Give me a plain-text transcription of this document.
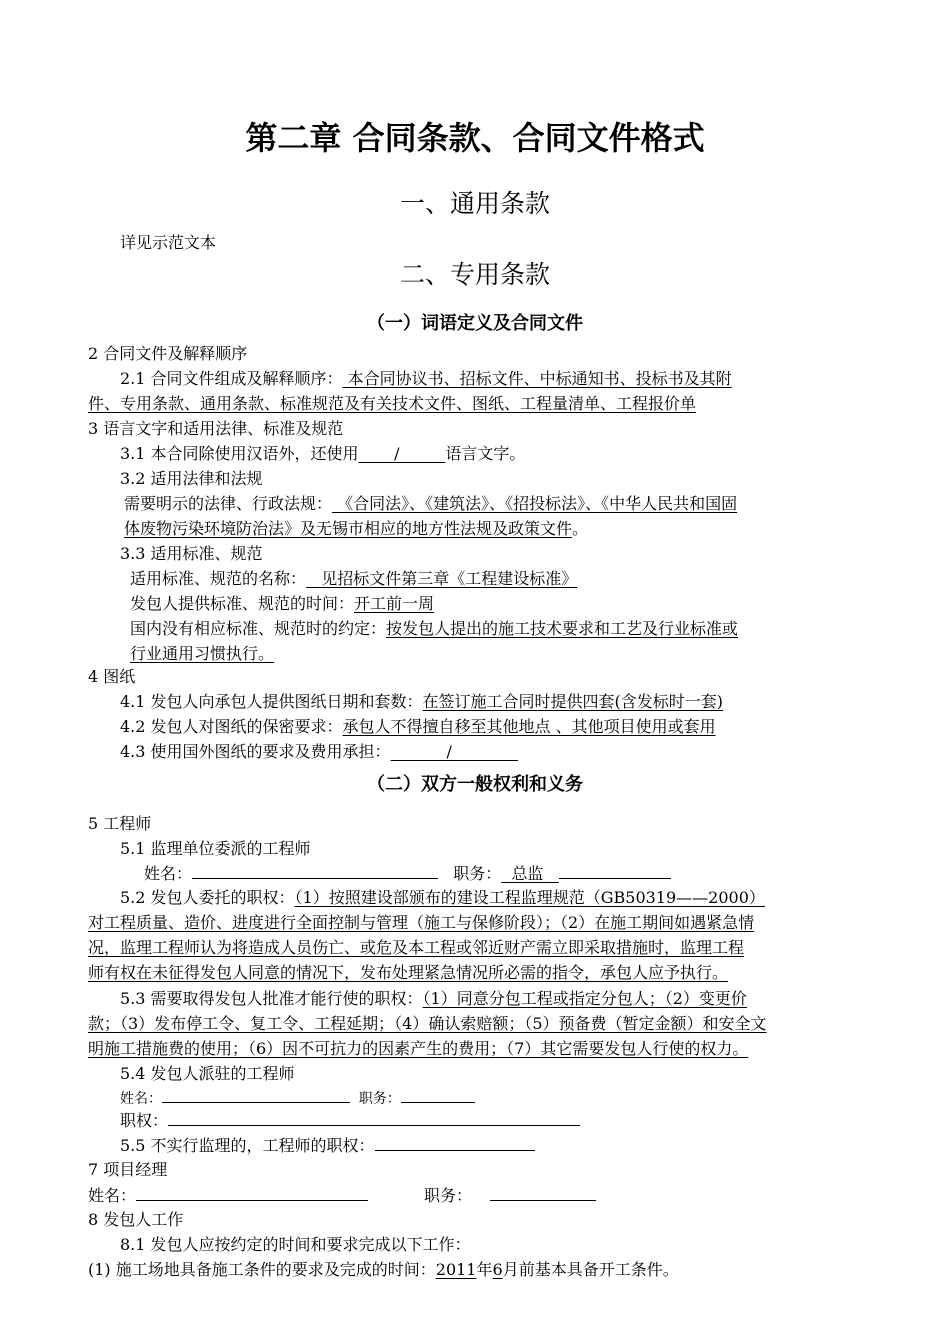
第二章 合同条款、合同文件格式
一、通用条款
详见示范文本
二、专用条款
（一）词语定义及合同文件
2 合同文件及解释顺序
2.1 合同文件组成及解释顺序： 本合同协议书、招标文件、中标通知书、投标书及其附
件、专用条款、通用条款、标准规范及有关技术文件、图纸、工程量清单、工程报价单
3 语言文字和适用法律、标准及规范
3.1 本合同除使用汉语外，还使用 /	语言文字。
3.2 适用法律和法规
需要明示的法律、行政法规： 《合同法》、《建筑法》、《招投标法》、《中华人民共和国固
体废物污染环境防治法》及无锡市相应的地方性法规及政策文件。
3.3 适用标准、规范
适用标准、规范的名称： 见招标文件第三章《工程建设标准》
发包人提供标准、规范的时间：开工前一周
国内没有相应标准、规范时的约定：按发包人提出的施工技术要求和工艺及行业标准或
行业通用习惯执行。
4 图纸
4.1 发包人向承包人提供图纸日期和套数：在签订施工合同时提供四套(含发标时一套)
4.2 发包人对图纸的保密要求：承包人不得擅自移至其他地点 、其他项目使用或套用
4.3 使用国外图纸的要求及费用承担：	/
（二）双方一般权利和义务
5 工程师
5.1 监理单位委派的工程师
姓名：	职务： 总监
5.2 发包人委托的职权：（1）按照建设部颁布的建设工程监理规范（GB50319——2000）
对工程质量、造价、进度进行全面控制与管理（施工与保修阶段）；（2）在施工期间如遇紧急情
况，监理工程师认为将造成人员伤亡、或危及本工程或邻近财产需立即采取措施时，监理工程
师有权在未征得发包人同意的情况下，发布处理紧急情况所必需的指令，承包人应予执行。
5.3 需要取得发包人批准才能行使的职权：（1）同意分包工程或指定分包人；（2）变更价
款；（3）发布停工令、复工令、工程延期；（4）确认索赔额；（5）预备费（暂定金额）和安全文
明施工措施费的使用；（6）因不可抗力的因素产生的费用；（7）其它需要发包人行使的权力。
5.4 发包人派驻的工程师
姓名：	职务：
职权：
5.5 不实行监理的，工程师的职权：
7 项目经理
姓名：	职务：
8 发包人工作
8.1 发包人应按约定的时间和要求完成以下工作：
(1) 施工场地具备施工条件的要求及完成的时间：2011年6月前基本具备开工条件。
